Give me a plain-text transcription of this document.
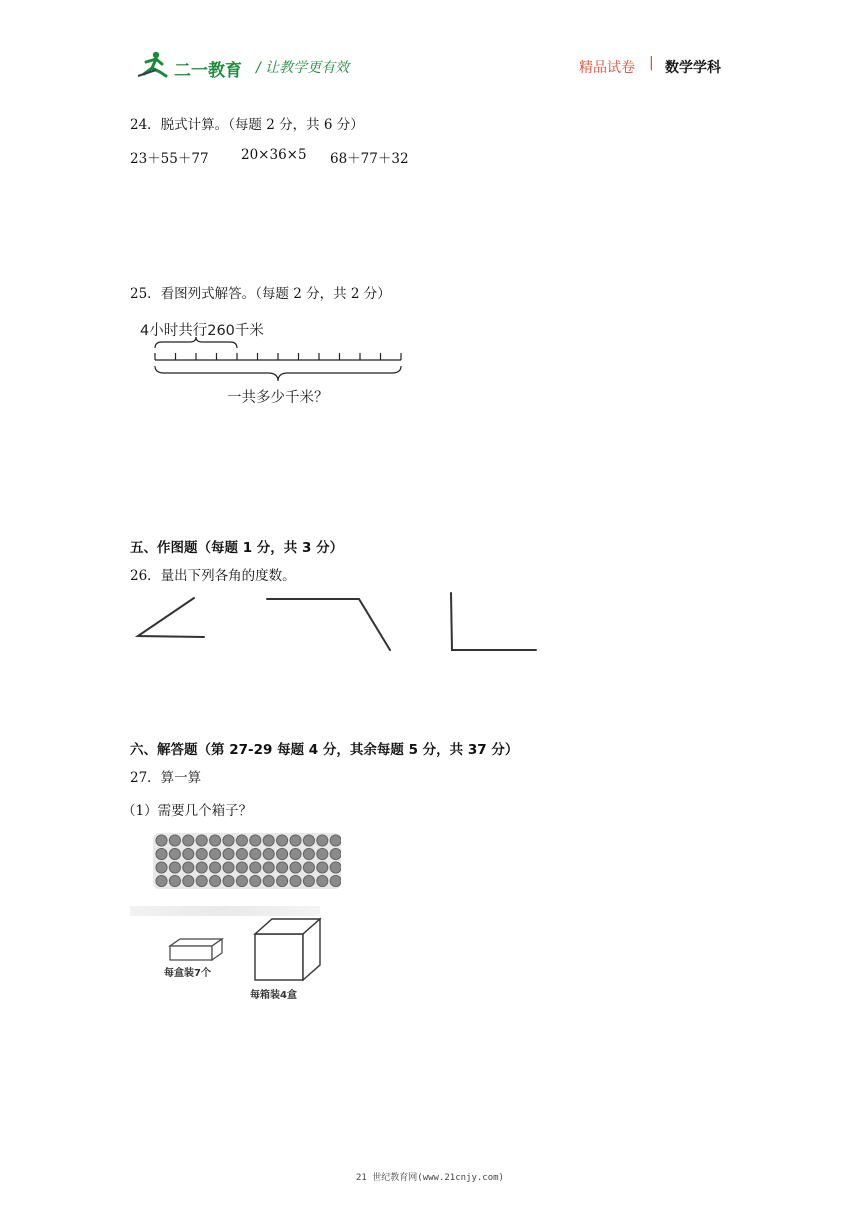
二一教育 / 让教学更有效	精品试卷 | 数学学科
24．脱式计算。（每题 2 分，共 6 分）
23＋55＋77 20×36×5 68＋77＋32
25．看图列式解答。（每题 2 分，共 2 分）
4小时共行260千米
一共多少千米？
五、作图题（每题 1 分，共 3 分）
26．量出下列各角的度数。
六、解答题（第 27-29 每题 4 分，其余每题 5 分，共 37 分）
27．算一算
（1）需要几个箱子？
每盒装7个
每箱装4盒
21 世纪教育网(www.21cnjy.com)
